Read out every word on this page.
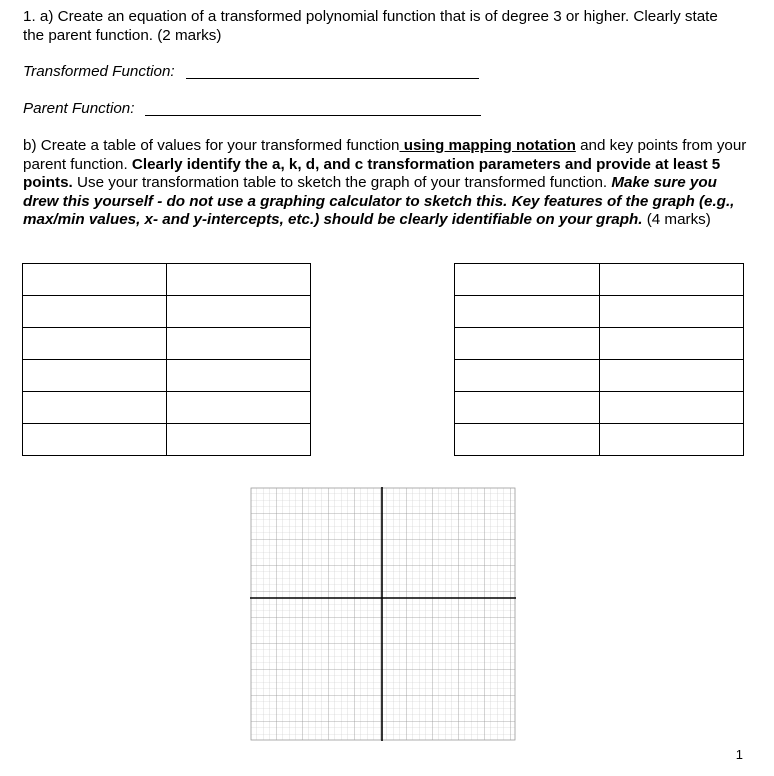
1. a) Create an equation of a transformed polynomial function that is of degree 3 or higher. Clearly state the parent function. (2 marks)

Transformed Function:
Parent Function:

b) Create a table of values for your transformed function using mapping notation and key points from your parent function. Clearly identify the a, k, d, and c transformation parameters and provide at least 5 points. Use your transformation table to sketch the graph of your transformed function. Make sure you drew this yourself - do not use a graphing calculator to sketch this. Key features of the graph (e.g., max/min values, x- and y-intercepts, etc.) should be clearly identifiable on your graph. (4 marks)

1
